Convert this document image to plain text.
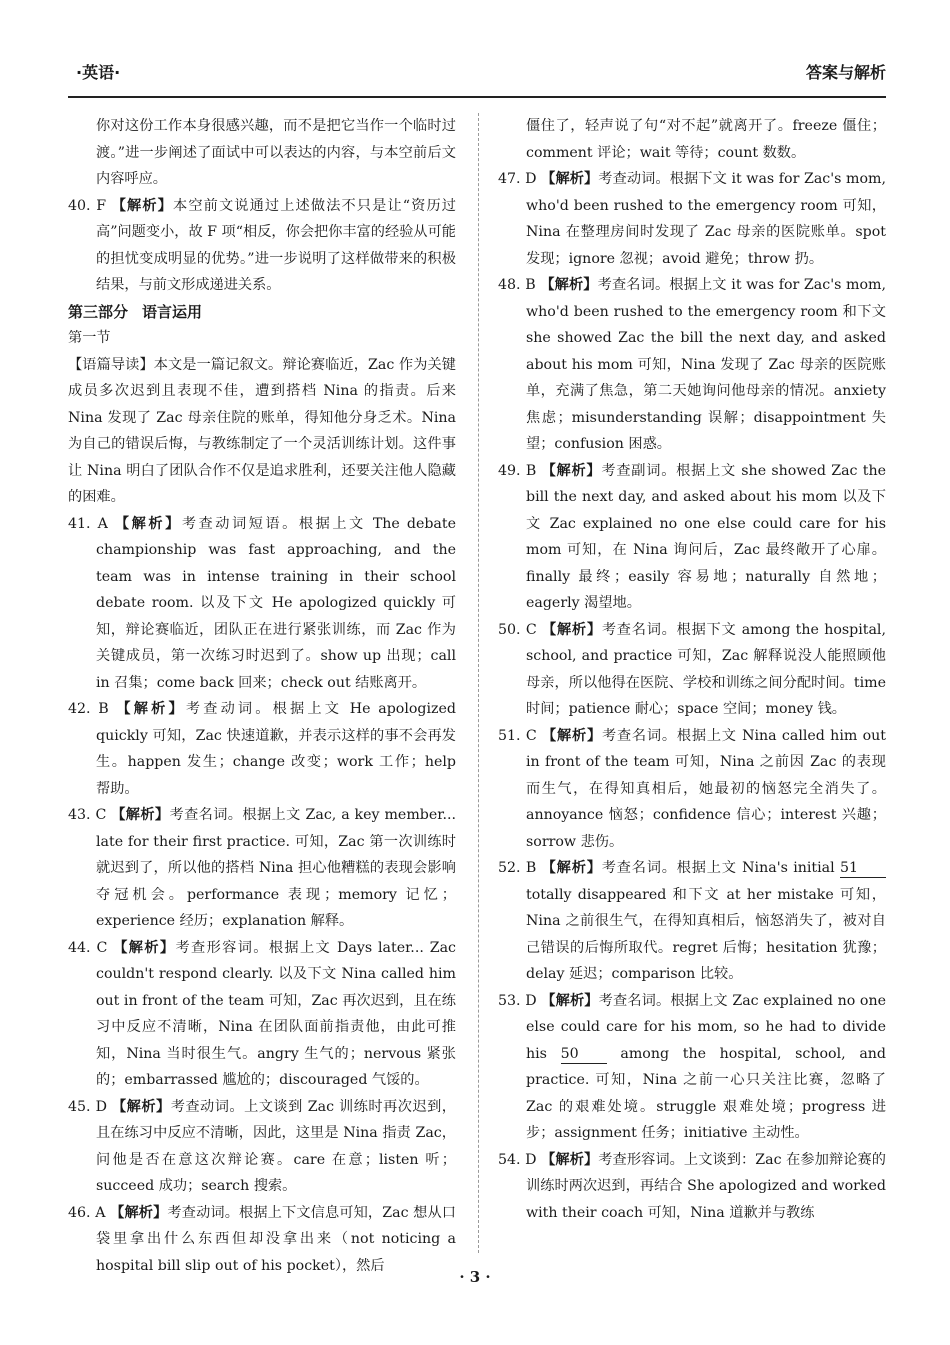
·英语·	答案与解析

你对这份工作本身很感兴趣，而不是把它当作一个临时过渡。”进一步阐述了面试中可以表达的内容，与本空前后文内容呼应。

40. F 【解析】本空前文说通过上述做法不只是让“资历过高”问题变小，故 F 项“相反，你会把你丰富的经验从可能的担忧变成明显的优势。”进一步说明了这样做带来的积极结果，与前文形成递进关系。

第三部分 语言运用

第一节

【语篇导读】本文是一篇记叙文。辩论赛临近，Zac 作为关键成员多次迟到且表现不佳，遭到搭档 Nina 的指责。后来 Nina 发现了 Zac 母亲住院的账单，得知他分身乏术。Nina 为自己的错误后悔，与教练制定了一个灵活训练计划。这件事让 Nina 明白了团队合作不仅是追求胜利，还要关注他人隐藏的困难。

41. A 【解析】考查动词短语。根据上文 The debate championship was fast approaching, and the team was in intense training in their school debate room. 以及下文 He apologized quickly 可知，辩论赛临近，团队正在进行紧张训练，而 Zac 作为关键成员，第一次练习时迟到了。show up 出现；call in 召集；come back 回来；check out 结账离开。

42. B 【解析】考查动词。根据上文 He apologized quickly 可知，Zac 快速道歉，并表示这样的事不会再发生。happen 发生；change 改变；work 工作；help 帮助。

43. C 【解析】考查名词。根据上文 Zac, a key member... late for their first practice. 可知，Zac 第一次训练时就迟到了，所以他的搭档 Nina 担心他糟糕的表现会影响夺冠机会。performance 表现；memory 记忆；experience 经历；explanation 解释。

44. C 【解析】考查形容词。根据上文 Days later... Zac couldn't respond clearly. 以及下文 Nina called him out in front of the team 可知，Zac 再次迟到，且在练习中反应不清晰，Nina 在团队面前指责他，由此可推知，Nina 当时很生气。angry 生气的；nervous 紧张的；embarrassed 尴尬的；discouraged 气馁的。

45. D 【解析】考查动词。上文谈到 Zac 训练时再次迟到，且在练习中反应不清晰，因此，这里是 Nina 指责 Zac，问他是否在意这次辩论赛。care 在意；listen 听；succeed 成功；search 搜索。

46. A 【解析】考查动词。根据上下文信息可知，Zac 想从口袋里拿出什么东西但却没拿出来（not noticing a hospital bill slip out of his pocket），然后

僵住了，轻声说了句“对不起”就离开了。freeze 僵住；comment 评论；wait 等待；count 数数。

47. D 【解析】考查动词。根据下文 it was for Zac's mom, who'd been rushed to the emergency room 可知，Nina 在整理房间时发现了 Zac 母亲的医院账单。spot 发现；ignore 忽视；avoid 避免；throw 扔。

48. B 【解析】考查名词。根据上文 it was for Zac's mom, who'd been rushed to the emergency room 和下文 she showed Zac the bill the next day, and asked about his mom 可知，Nina 发现了 Zac 母亲的医院账单，充满了焦急，第二天她询问他母亲的情况。anxiety 焦虑；misunderstanding 误解；disappointment 失望；confusion 困惑。

49. B 【解析】考查副词。根据上文 she showed Zac the bill the next day, and asked about his mom 以及下文 Zac explained no one else could care for his mom 可知，在 Nina 询问后，Zac 最终敞开了心扉。finally 最终；easily 容易地；naturally 自然地；eagerly 渴望地。

50. C 【解析】考查名词。根据下文 among the hospital, school, and practice 可知，Zac 解释说没人能照顾他母亲，所以他得在医院、学校和训练之间分配时间。time 时间；patience 耐心；space 空间；money 钱。

51. C 【解析】考查名词。根据上文 Nina called him out in front of the team 可知，Nina 之前因 Zac 的表现而生气，在得知真相后，她最初的恼怒完全消失了。annoyance 恼怒；confidence 信心；interest 兴趣；sorrow 悲伤。

52. B 【解析】考查名词。根据上文 Nina's initial 51 totally disappeared 和下文 at her mistake 可知，Nina 之前很生气，在得知真相后，恼怒消失了，被对自己错误的后悔所取代。regret 后悔；hesitation 犹豫；delay 延迟；comparison 比较。

53. D 【解析】考查名词。根据上文 Zac explained no one else could care for his mom, so he had to divide his 50	among the hospital, school, and practice. 可知，Nina 之前一心只关注比赛，忽略了 Zac 的艰难处境。struggle 艰难处境；progress 进步；assignment 任务；initiative 主动性。

54. D 【解析】考查形容词。上文谈到：Zac 在参加辩论赛的训练时两次迟到，再结合 She apologized and worked with their coach 可知，Nina 道歉并与教练

· 3 ·
